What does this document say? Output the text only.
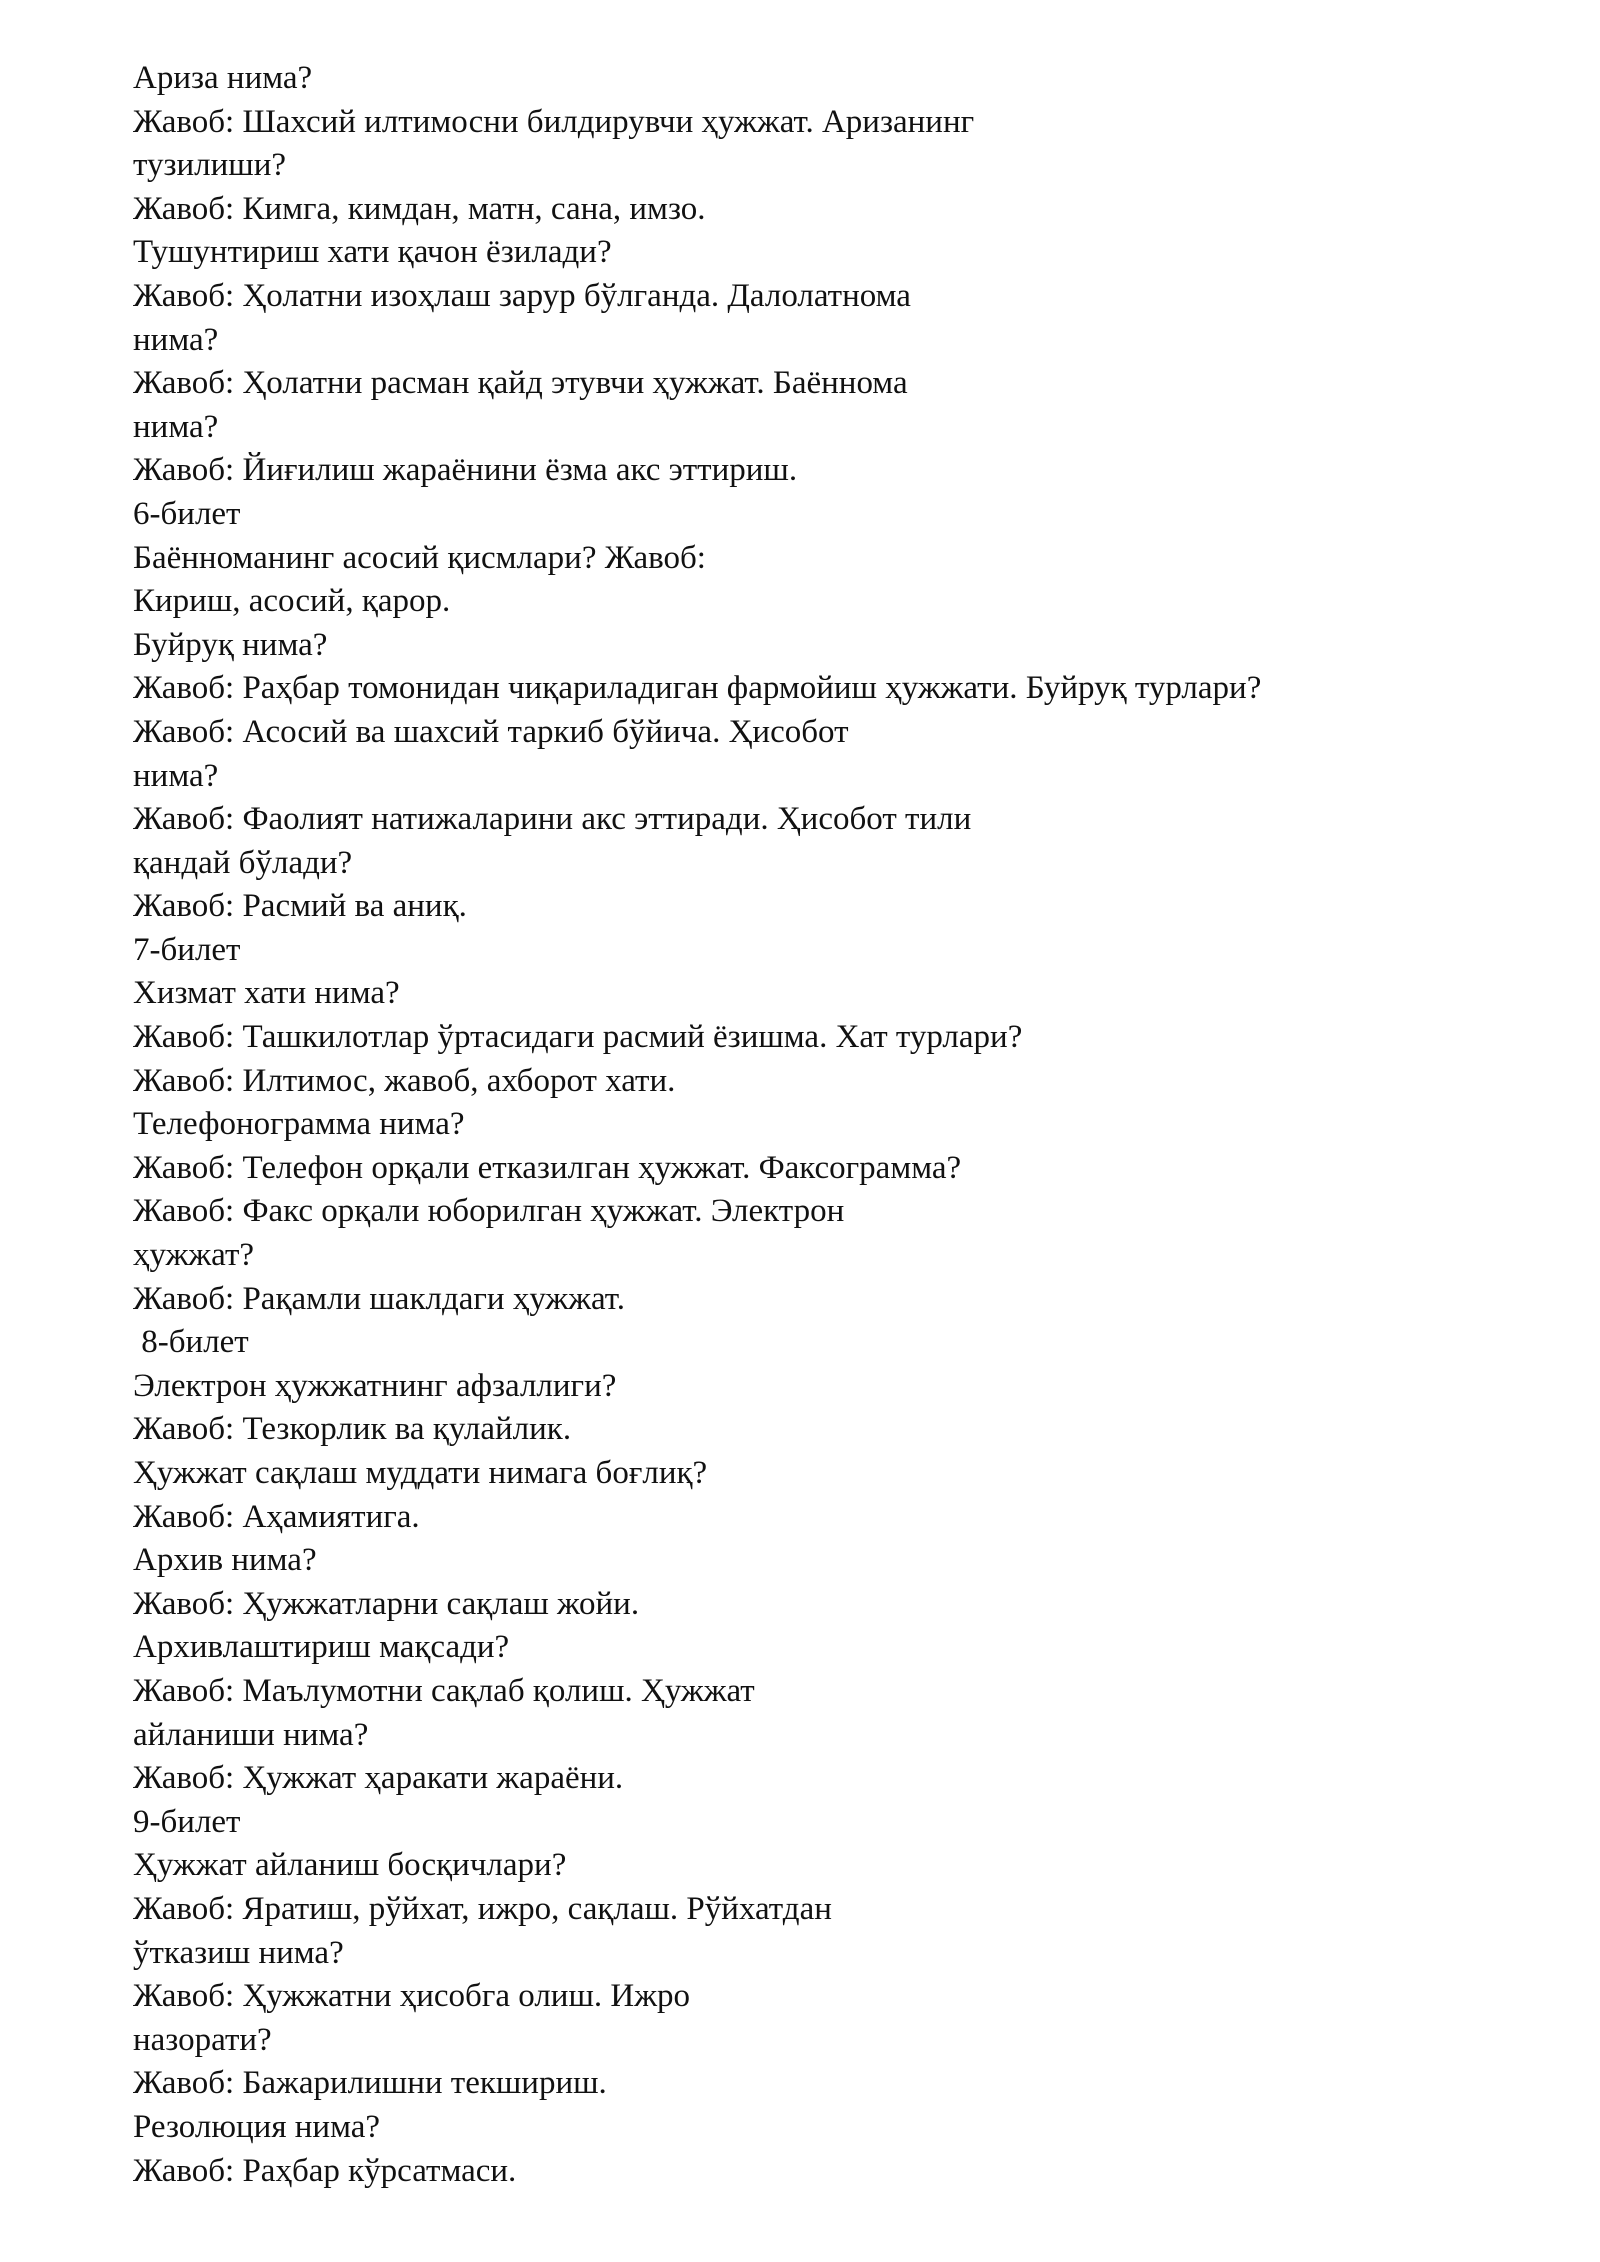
Ариза нима?
Жавоб: Шахсий илтимосни билдирувчи ҳужжат. Аризанинг
тузилиши?
Жавоб: Кимга, кимдан, матн, сана, имзо.
Тушунтириш хати қачон ёзилади?
Жавоб: Ҳолатни изоҳлаш зарур бўлганда. Далолатнома
нима?
Жавоб: Ҳолатни расман қайд этувчи ҳужжат. Баённома
нима?
Жавоб: Йиғилиш жараёнини ёзма акс эттириш.
6-билет
Баённоманинг асосий қисмлари? Жавоб:
Кириш, асосий, қарор.
Буйруқ нима?
Жавоб: Раҳбар томонидан чиқариладиган фармойиш ҳужжати. Буйруқ турлари?
Жавоб: Асосий ва шахсий таркиб бўйича. Ҳисобот
нима?
Жавоб: Фаолият натижаларини акс эттиради. Ҳисобот тили
қандай бўлади?
Жавоб: Расмий ва аниқ.
7-билет
Хизмат хати нима?
Жавоб: Ташкилотлар ўртасидаги расмий ёзишма. Хат турлари?
Жавоб: Илтимос, жавоб, ахборот хати.
Телефонограмма нима?
Жавоб: Телефон орқали етказилган ҳужжат. Факсограмма?
Жавоб: Факс орқали юборилган ҳужжат. Электрон
ҳужжат?
Жавоб: Рақамли шаклдаги ҳужжат.
8-билет
Электрон ҳужжатнинг афзаллиги?
Жавоб: Тезкорлик ва қулайлик.
Ҳужжат сақлаш муддати нимага боғлиқ?
Жавоб: Аҳамиятига.
Архив нима?
Жавоб: Ҳужжатларни сақлаш жойи.
Архивлаштириш мақсади?
Жавоб: Маълумотни сақлаб қолиш. Ҳужжат
айланиши нима?
Жавоб: Ҳужжат ҳаракати жараёни.
9-билет
Ҳужжат айланиш босқичлари?
Жавоб: Яратиш, рўйхат, ижро, сақлаш. Рўйхатдан
ўтказиш нима?
Жавоб: Ҳужжатни ҳисобга олиш. Ижро
назорати?
Жавоб: Бажарилишни текшириш.
Резолюция нима?
Жавоб: Раҳбар кўрсатмаси.
